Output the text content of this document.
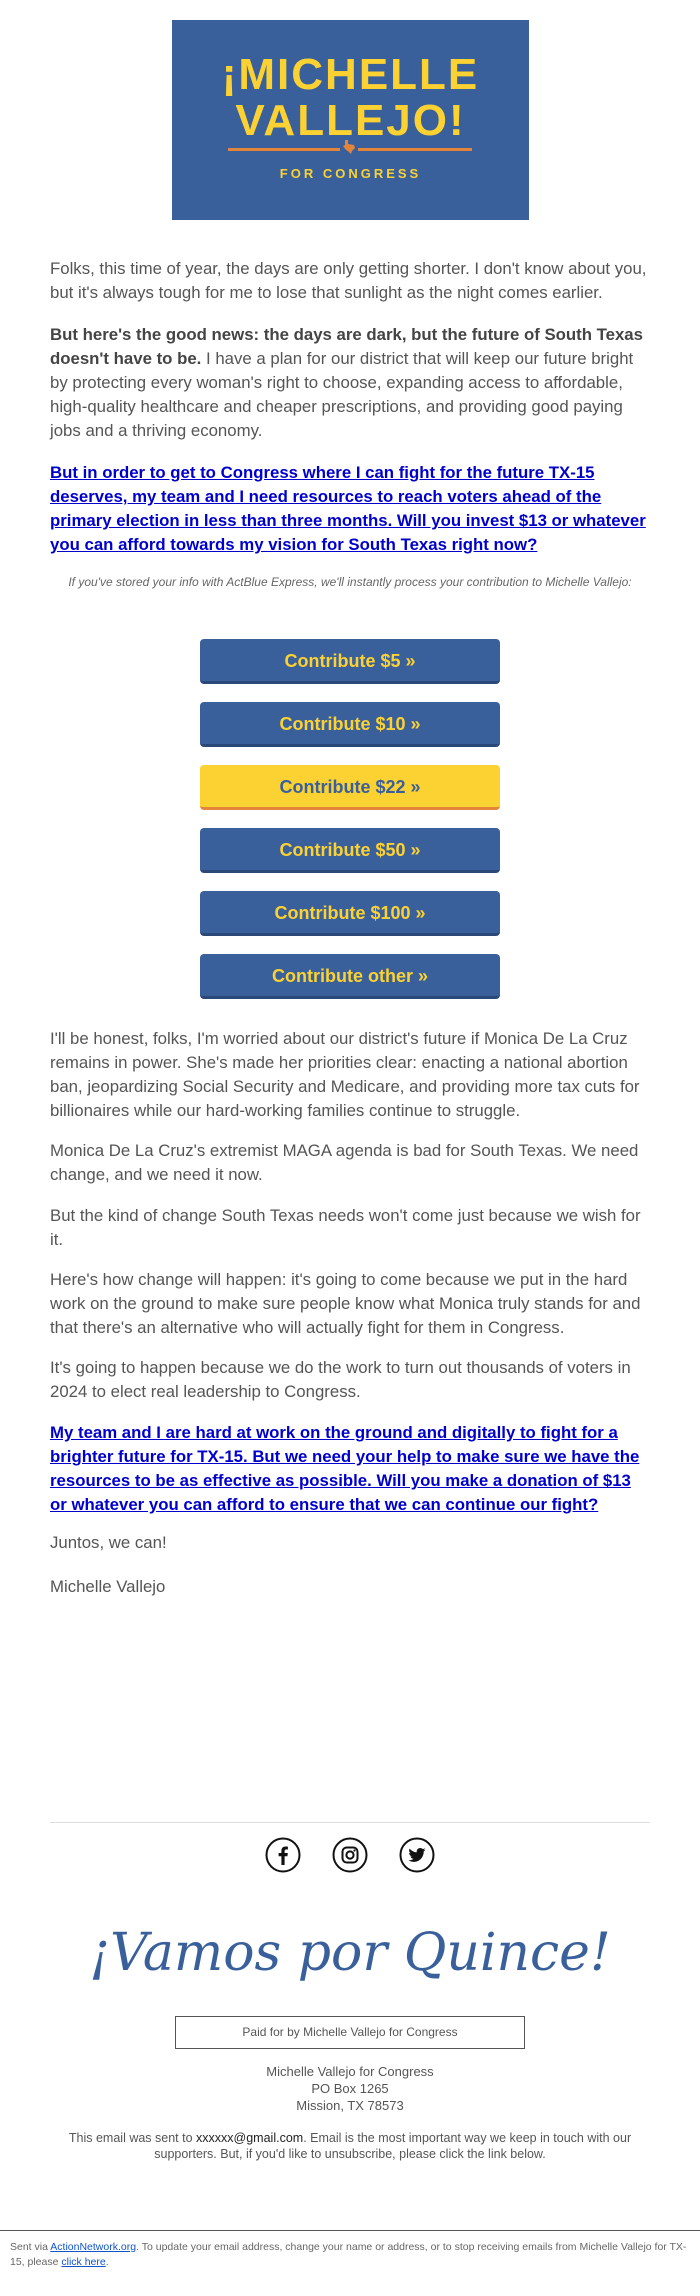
¡MICHELLE
VALLEJO!
FOR CONGRESS

Folks, this time of year, the days are only getting shorter. I don't know about you, but it's always tough for me to lose that sunlight as the night comes earlier.

But here's the good news: the days are dark, but the future of South Texas doesn't have to be. I have a plan for our district that will keep our future bright by protecting every woman's right to choose, expanding access to affordable, high-quality healthcare and cheaper prescriptions, and providing good paying jobs and a thriving economy.

But in order to get to Congress where I can fight for the future TX-15 deserves, my team and I need resources to reach voters ahead of the primary election in less than three months. Will you invest $13 or whatever you can afford towards my vision for South Texas right now?

If you've stored your info with ActBlue Express, we'll instantly process your contribution to Michelle Vallejo:
Contribute $5 »
Contribute $10 »
Contribute $22 »
Contribute $50 »
Contribute $100 »
Contribute other »

I'll be honest, folks, I'm worried about our district's future if Monica De La Cruz remains in power. She's made her priorities clear: enacting a national abortion ban, jeopardizing Social Security and Medicare, and providing more tax cuts for billionaires while our hard-working families continue to struggle.

Monica De La Cruz's extremist MAGA agenda is bad for South Texas. We need change, and we need it now.

But the kind of change South Texas needs won't come just because we wish for it.

Here's how change will happen: it's going to come because we put in the hard work on the ground to make sure people know what Monica truly stands for and that there's an alternative who will actually fight for them in Congress.

It's going to happen because we do the work to turn out thousands of voters in 2024 to elect real leadership to Congress.

My team and I are hard at work on the ground and digitally to fight for a brighter future for TX-15. But we need your help to make sure we have the resources to be as effective as possible. Will you make a donation of $13 or whatever you can afford to ensure that we can continue our fight?

Juntos, we can!

Michelle Vallejo

¡Vamos por Quince!
Paid for by Michelle Vallejo for Congress
Michelle Vallejo for Congress
PO Box 1265
Mission, TX 78573
This email was sent to xxxxxx@gmail.com. Email is the most important way we keep in touch with our supporters. But, if you'd like to unsubscribe, please click the link below.
Sent via ActionNetwork.org. To update your email address, change your name or address, or to stop receiving emails from Michelle Vallejo for TX-15, please click here.
